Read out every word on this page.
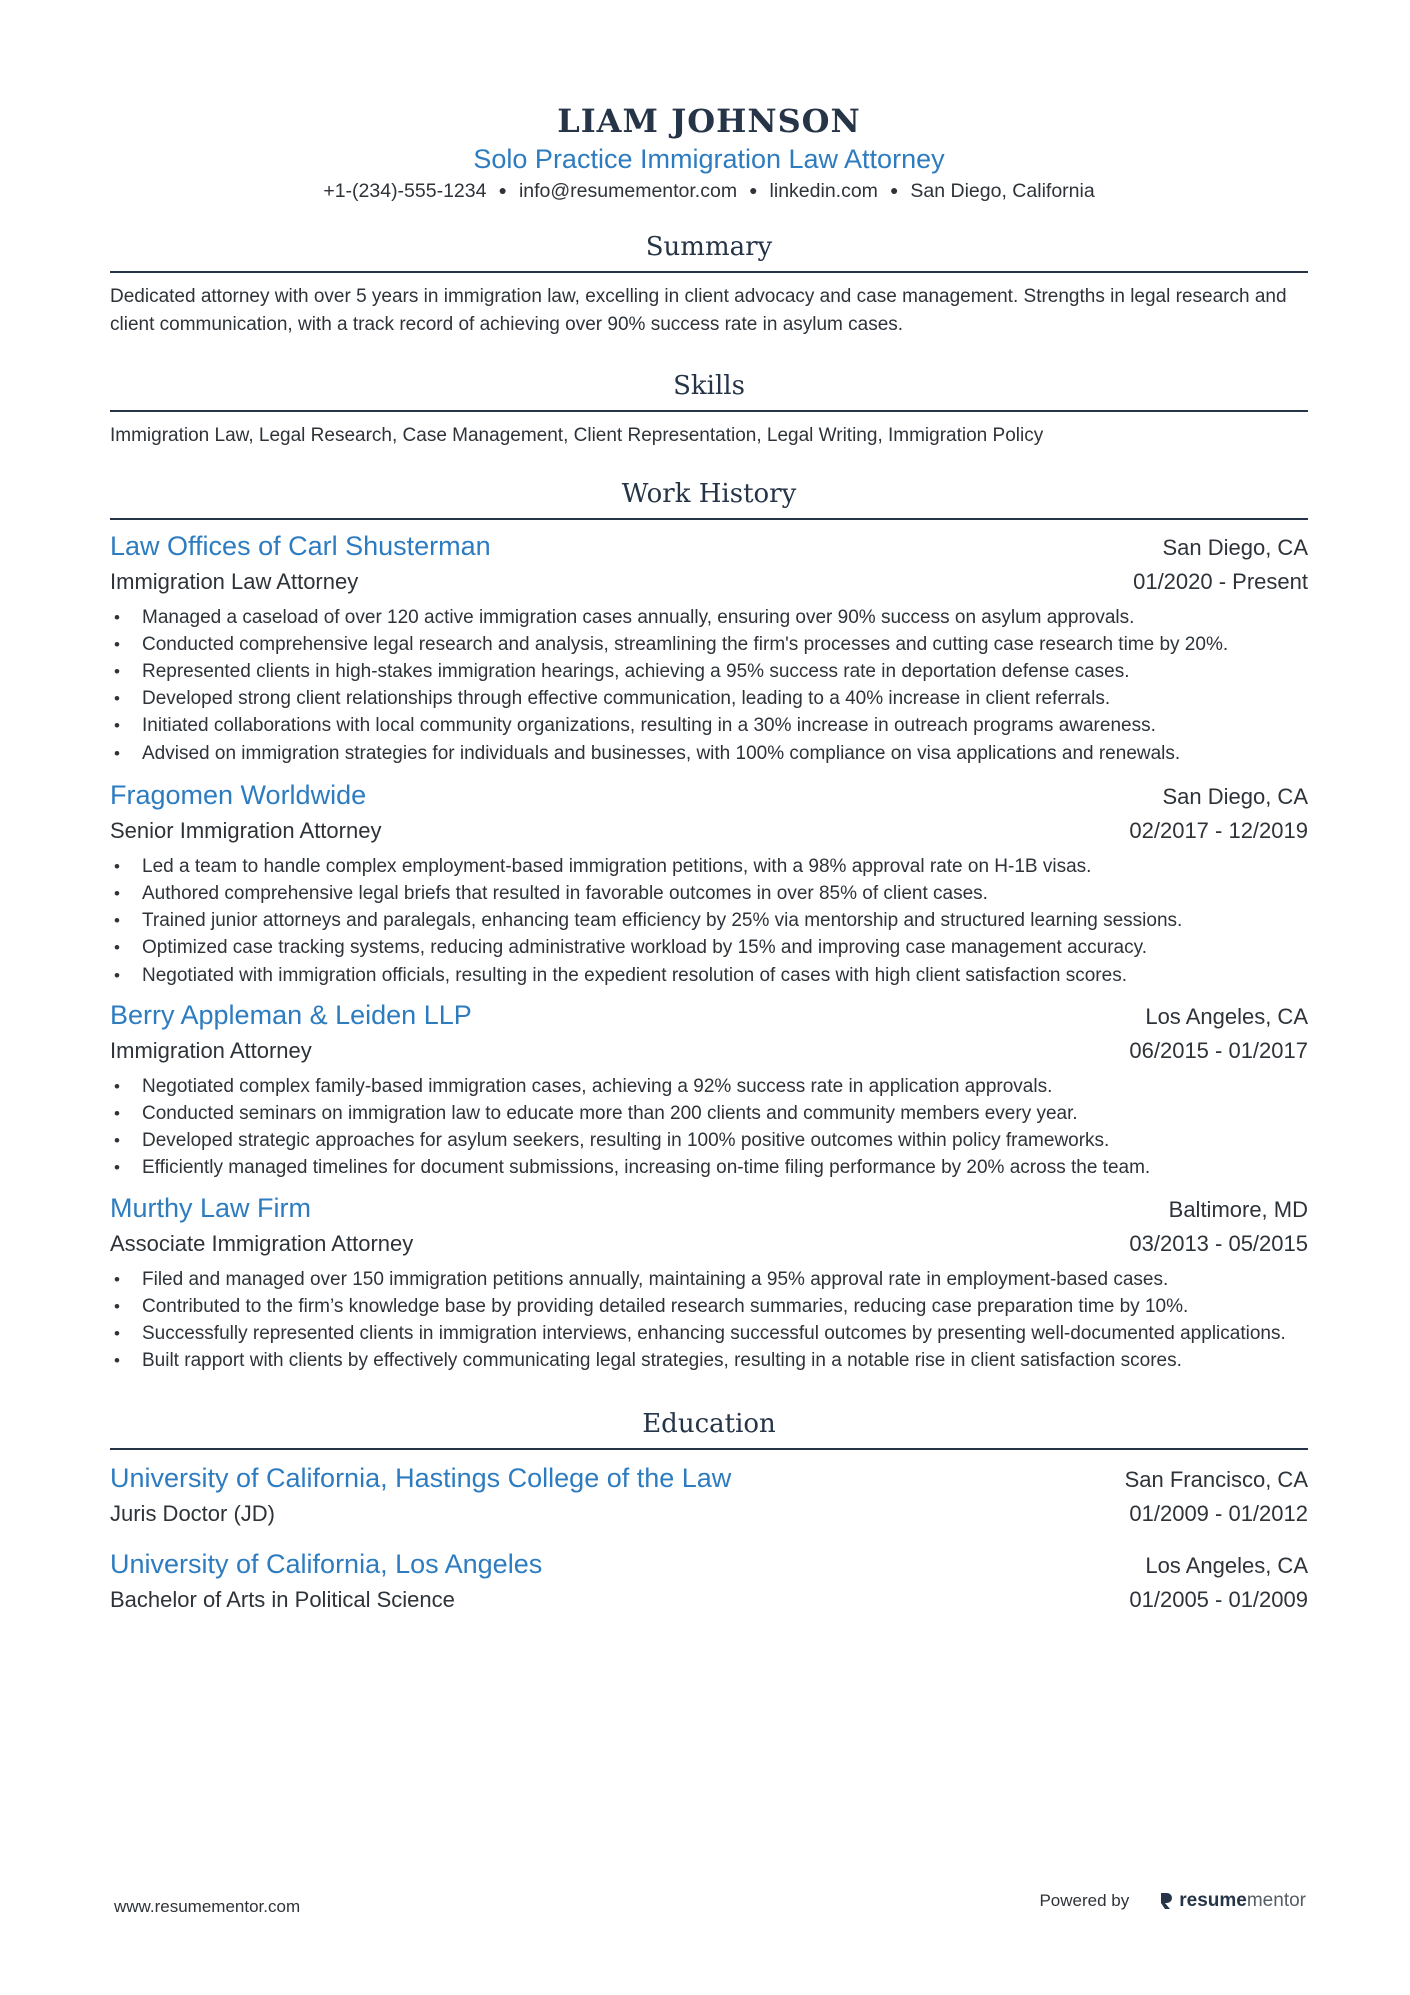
LIAM JOHNSON
Solo Practice Immigration Law Attorney
+1-(234)-555-1234 ● info@resumementor.com ● linkedin.com ● San Diego, California
Summary
Dedicated attorney with over 5 years in immigration law, excelling in client advocacy and case management. Strengths in legal research and client communication, with a track record of achieving over 90% success rate in asylum cases.
Skills
Immigration Law, Legal Research, Case Management, Client Representation, Legal Writing, Immigration Policy
Work History
Law Offices of Carl Shusterman	San Diego, CA
Immigration Law Attorney	01/2020 - Present
• Managed a caseload of over 120 active immigration cases annually, ensuring over 90% success on asylum approvals.
• Conducted comprehensive legal research and analysis, streamlining the firm's processes and cutting case research time by 20%.
• Represented clients in high-stakes immigration hearings, achieving a 95% success rate in deportation defense cases.
• Developed strong client relationships through effective communication, leading to a 40% increase in client referrals.
• Initiated collaborations with local community organizations, resulting in a 30% increase in outreach programs awareness.
• Advised on immigration strategies for individuals and businesses, with 100% compliance on visa applications and renewals.
Fragomen Worldwide	San Diego, CA
Senior Immigration Attorney	02/2017 - 12/2019
• Led a team to handle complex employment-based immigration petitions, with a 98% approval rate on H-1B visas.
• Authored comprehensive legal briefs that resulted in favorable outcomes in over 85% of client cases.
• Trained junior attorneys and paralegals, enhancing team efficiency by 25% via mentorship and structured learning sessions.
• Optimized case tracking systems, reducing administrative workload by 15% and improving case management accuracy.
• Negotiated with immigration officials, resulting in the expedient resolution of cases with high client satisfaction scores.
Berry Appleman & Leiden LLP	Los Angeles, CA
Immigration Attorney	06/2015 - 01/2017
• Negotiated complex family-based immigration cases, achieving a 92% success rate in application approvals.
• Conducted seminars on immigration law to educate more than 200 clients and community members every year.
• Developed strategic approaches for asylum seekers, resulting in 100% positive outcomes within policy frameworks.
• Efficiently managed timelines for document submissions, increasing on-time filing performance by 20% across the team.
Murthy Law Firm	Baltimore, MD
Associate Immigration Attorney	03/2013 - 05/2015
• Filed and managed over 150 immigration petitions annually, maintaining a 95% approval rate in employment-based cases.
• Contributed to the firm’s knowledge base by providing detailed research summaries, reducing case preparation time by 10%.
• Successfully represented clients in immigration interviews, enhancing successful outcomes by presenting well-documented applications.
• Built rapport with clients by effectively communicating legal strategies, resulting in a notable rise in client satisfaction scores.
Education
University of California, Hastings College of the Law	San Francisco, CA
Juris Doctor (JD)	01/2009 - 01/2012
University of California, Los Angeles	Los Angeles, CA
Bachelor of Arts in Political Science	01/2005 - 01/2009
www.resumementor.com	Powered by	resume mentor
